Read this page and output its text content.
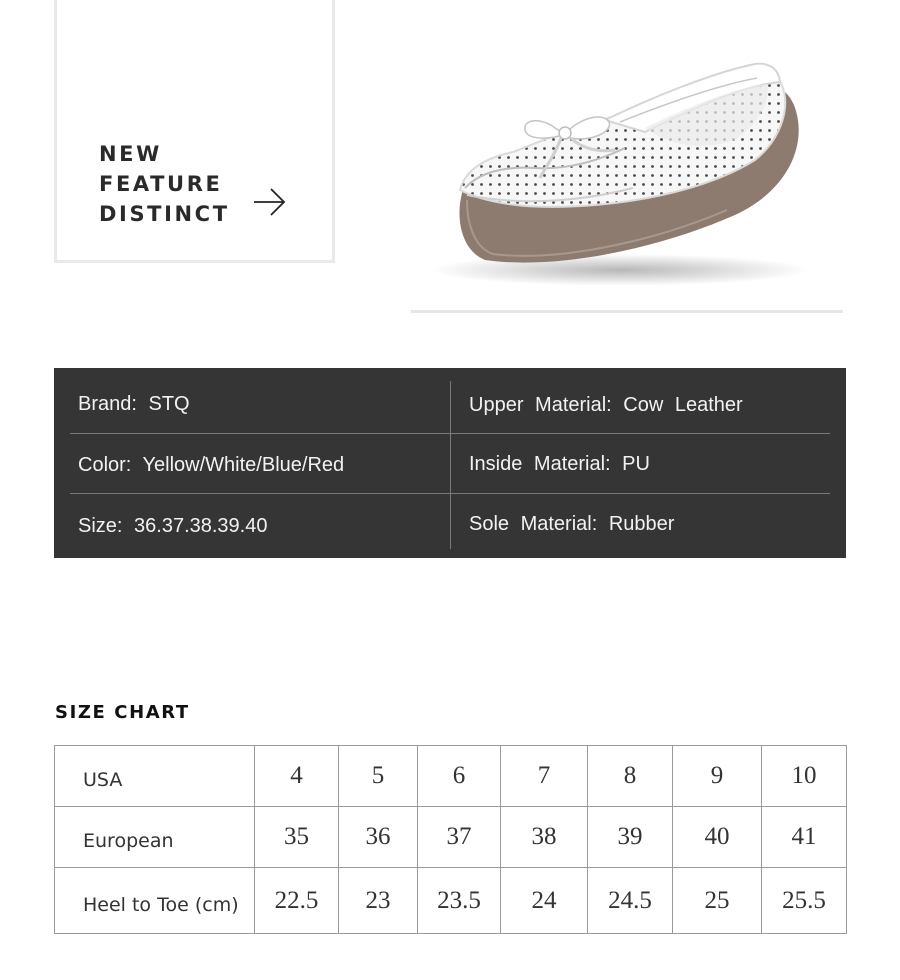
NEW
FEATURE
DISTINCT
Brand: STQ	Upper Material: Cow Leather
Color: Yellow/White/Blue/Red	Inside Material: PU
Size: 36.37.38.39.40	Sole Material: Rubber
SIZE CHART
USA	4	5	6	7	8	9	10
European	35	36	37	38	39	40	41
Heel to Toe (cm)	22.5	23	23.5	24	24.5	25	25.5
